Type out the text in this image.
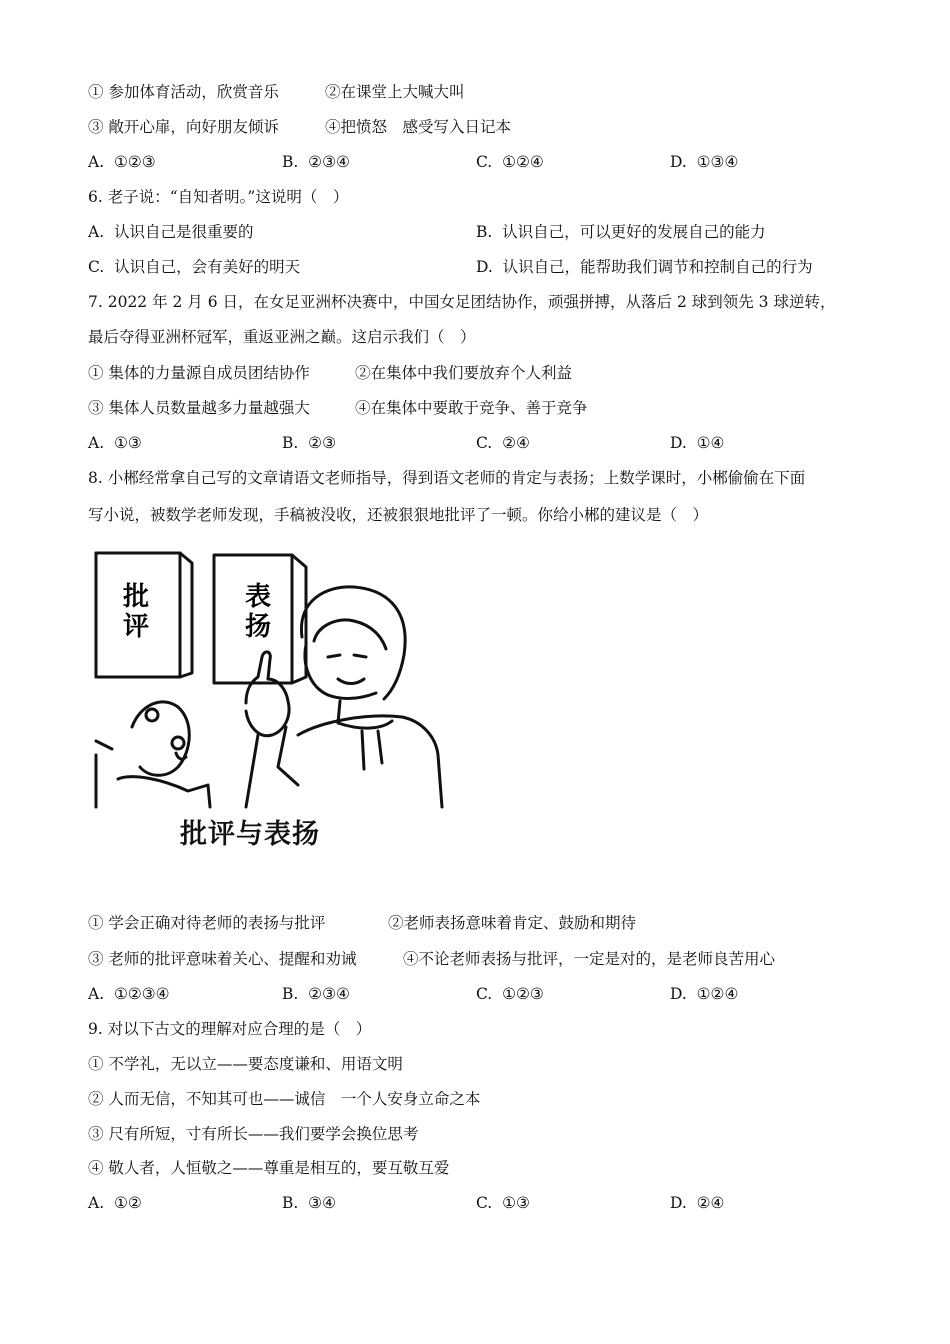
① 参加体育活动，欣赏音乐	②在课堂上大喊大叫
③ 敞开心扉，向好朋友倾诉	④把愤怒　感受写入日记本
A.  ①②③	B.  ②③④	C.  ①②④	D.  ①③④
6. 老子说：“自知者明。”这说明（　）
A.  认识自己是很重要的	B.  认识自己，可以更好的发展自己的能力
C.  认识自己，会有美好的明天	D.  认识自己，能帮助我们调节和控制自己的行为
7. 2022 年 2 月 6 日，在女足亚洲杯决赛中，中国女足团结协作，顽强拼搏，从落后 2 球到领先 3 球逆转，
最后夺得亚洲杯冠军，重返亚洲之巅。这启示我们（　）
① 集体的力量源自成员团结协作	②在集体中我们要放弃个人利益
③ 集体人员数量越多力量越强大	④在集体中要敢于竞争、善于竞争
A.  ①③	B.  ②③	C.  ②④	D.  ①④
8. 小郴经常拿自己写的文章请语文老师指导，得到语文老师的肯定与表扬；上数学课时，小郴偷偷在下面
写小说，被数学老师发现，手稿被没收，还被狠狠地批评了一顿。你给小郴的建议是（　）
批评
表扬
批评与表扬
① 学会正确对待老师的表扬与批评	②老师表扬意味着肯定、鼓励和期待
③ 老师的批评意味着关心、提醒和劝诫	④不论老师表扬与批评，一定是对的，是老师良苦用心
A.  ①②③④	B.  ②③④	C.  ①②③	D.  ①②④
9. 对以下古文的理解对应合理的是（　）
① 不学礼，无以立——要态度谦和、用语文明
② 人而无信，不知其可也——诚信　一个人安身立命之本
③ 尺有所短，寸有所长——我们要学会换位思考
④ 敬人者，人恒敬之——尊重是相互的，要互敬互爱
A.  ①②	B.  ③④	C.  ①③	D.  ②④
